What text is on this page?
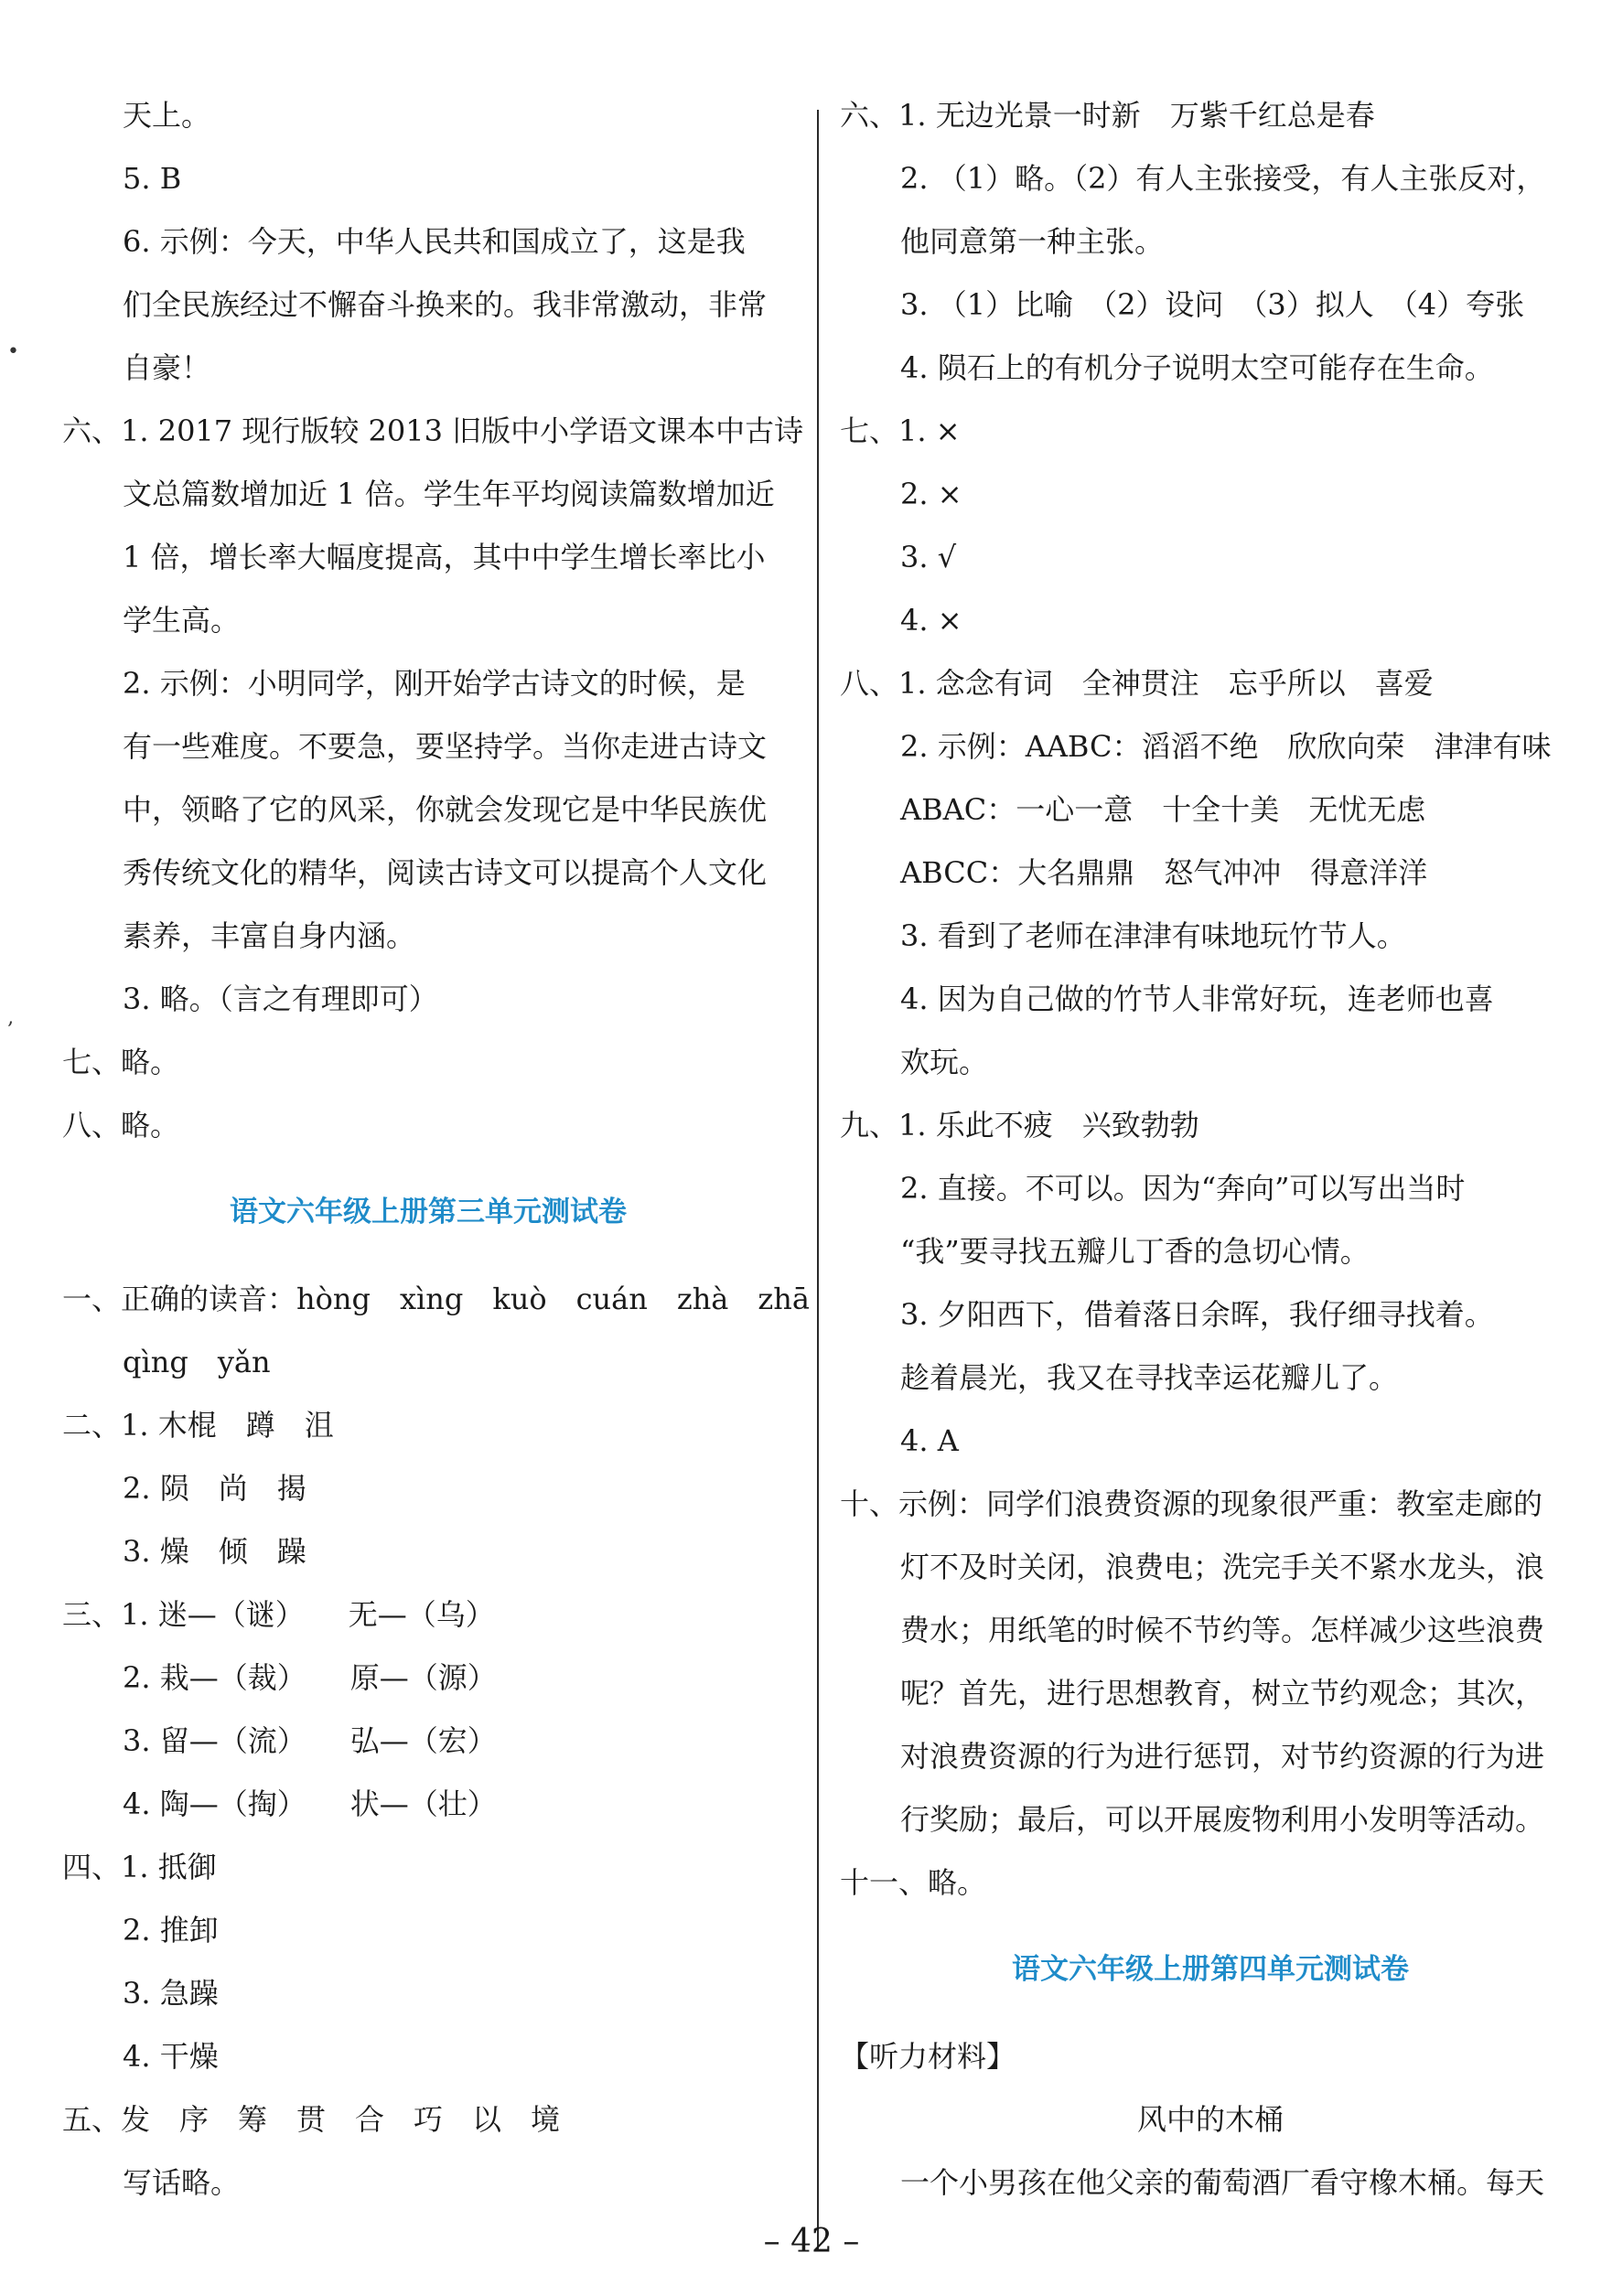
天上。
5. B
6. 示例：今天，中华人民共和国成立了，这是我
们全民族经过不懈奋斗换来的。我非常激动，非常
自豪！
六、1. 2017 现行版较 2013 旧版中小学语文课本中古诗
文总篇数增加近 1 倍。学生年平均阅读篇数增加近
1 倍，增长率大幅度提高，其中中学生增长率比小
学生高。
2. 示例：小明同学，刚开始学古诗文的时候，是
有一些难度。不要急，要坚持学。当你走进古诗文
中，领略了它的风采，你就会发现它是中华民族优
秀传统文化的精华，阅读古诗文可以提高个人文化
素养，丰富自身内涵。
3. 略。（言之有理即可）
七、略。
八、略。
语文六年级上册第三单元测试卷
一、正确的读音：hòng　xìng　kuò　cuán　zhà　zhā
qìng　yǎn
二、1. 木棍　蹲　沮
2. 陨　尚　揭
3. 燥　倾　躁
三、1. 迷—（谜）　　无—（乌）
2. 栽—（裁）　　原—（源）
3. 留—（流）　　弘—（宏）
4. 陶—（掏）　　状—（壮）
四、1. 抵御
2. 推卸
3. 急躁
4. 干燥
五、发　序　筹　贯　合　巧　以　境
写话略。
六、1. 无边光景一时新　万紫千红总是春
2. （1）略。（2）有人主张接受，有人主张反对，
他同意第一种主张。
3. （1）比喻　（2）设问　（3）拟人　（4）夸张
4. 陨石上的有机分子说明太空可能存在生命。
七、1. ×
2. ×
3. √
4. ×
八、1. 念念有词　全神贯注　忘乎所以　喜爱
2. 示例：AABC：滔滔不绝　欣欣向荣　津津有味
ABAC：一心一意　十全十美　无忧无虑
ABCC：大名鼎鼎　怒气冲冲　得意洋洋
3. 看到了老师在津津有味地玩竹节人。
4. 因为自己做的竹节人非常好玩，连老师也喜
欢玩。
九、1. 乐此不疲　兴致勃勃
2. 直接。不可以。因为“奔向”可以写出当时
“我”要寻找五瓣儿丁香的急切心情。
3. 夕阳西下，借着落日余晖，我仔细寻找着。
趁着晨光，我又在寻找幸运花瓣儿了。
4. A
十、示例：同学们浪费资源的现象很严重：教室走廊的
灯不及时关闭，浪费电；洗完手关不紧水龙头，浪
费水；用纸笔的时候不节约等。怎样减少这些浪费
呢？首先，进行思想教育，树立节约观念；其次，
对浪费资源的行为进行惩罚，对节约资源的行为进
行奖励；最后，可以开展废物利用小发明等活动。
十一、略。
语文六年级上册第四单元测试卷
【听力材料】
风中的木桶
一个小男孩在他父亲的葡萄酒厂看守橡木桶。每天
•
‚
– 42 –
